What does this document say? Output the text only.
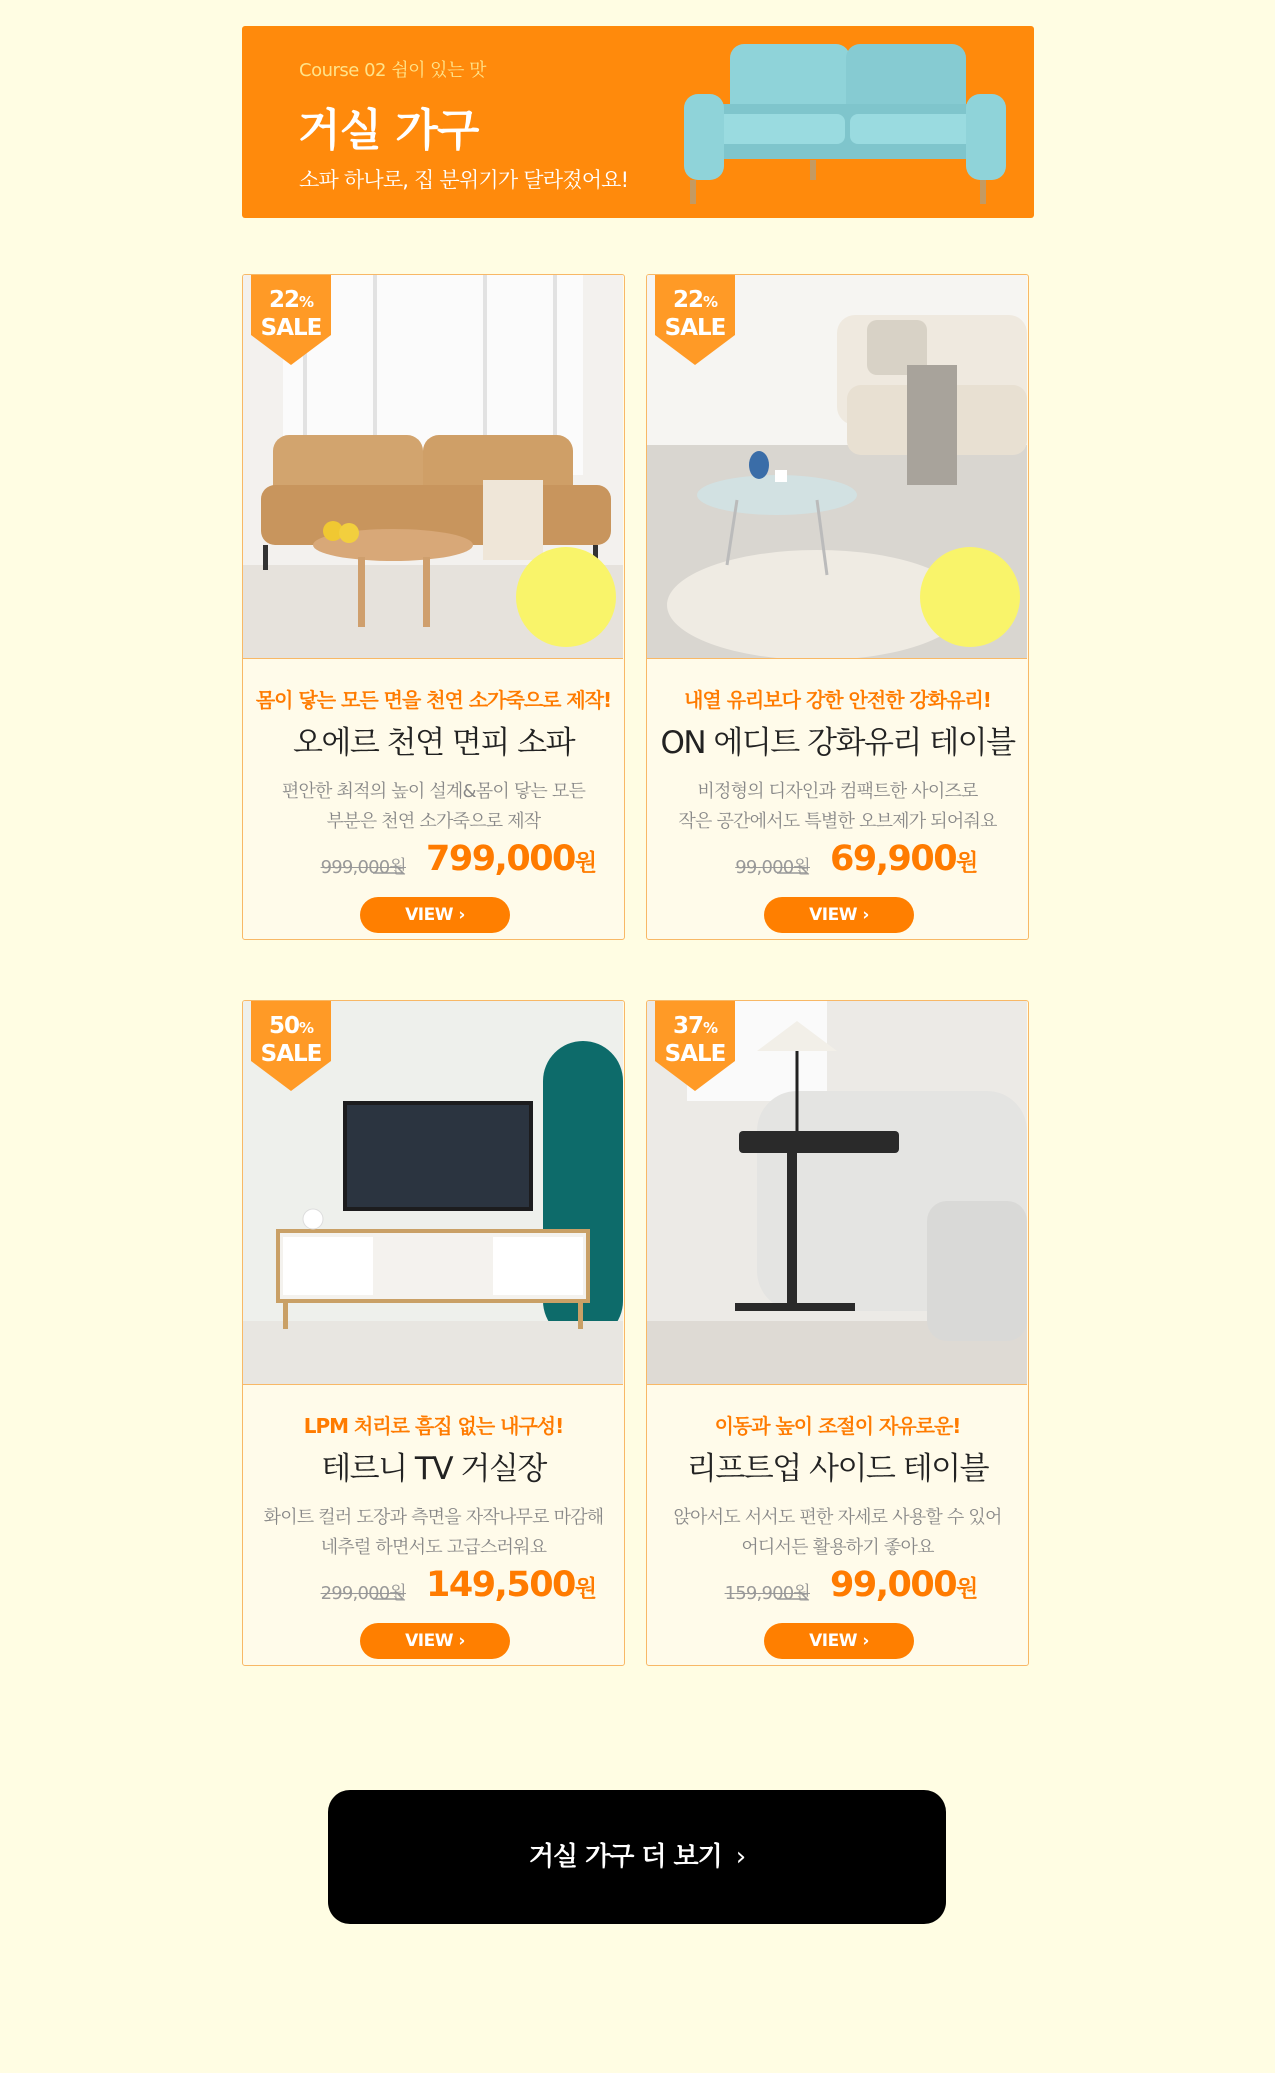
Course 02 쉼이 있는 맛
거실 가구
소파 하나로, 집 분위기가 달라졌어요!
22%
SALE
몸이 닿는 모든 면을 천연 소가죽으로 제작!
오에르 천연 면피 소파
편안한 최적의 높이 설계&몸이 닿는 모든
부분은 천연 소가죽으로 제작
999,000원 799,000원
VIEW ›
22%
SALE
내열 유리보다 강한 안전한 강화유리!
ON 에디트 강화유리 테이블
비정형의 디자인과 컴팩트한 사이즈로
작은 공간에서도 특별한 오브제가 되어줘요
99,000원 69,900원
VIEW ›
50%
SALE
LPM 처리로 흠집 없는 내구성!
테르니 TV 거실장
화이트 컬러 도장과 측면을 자작나무로 마감해
네추럴 하면서도 고급스러워요
299,000원 149,500원
VIEW ›
37%
SALE
이동과 높이 조절이 자유로운!
리프트업 사이드 테이블
앉아서도 서서도 편한 자세로 사용할 수 있어
어디서든 활용하기 좋아요
159,900원 99,000원
VIEW ›
거실 가구 더 보기 ›
